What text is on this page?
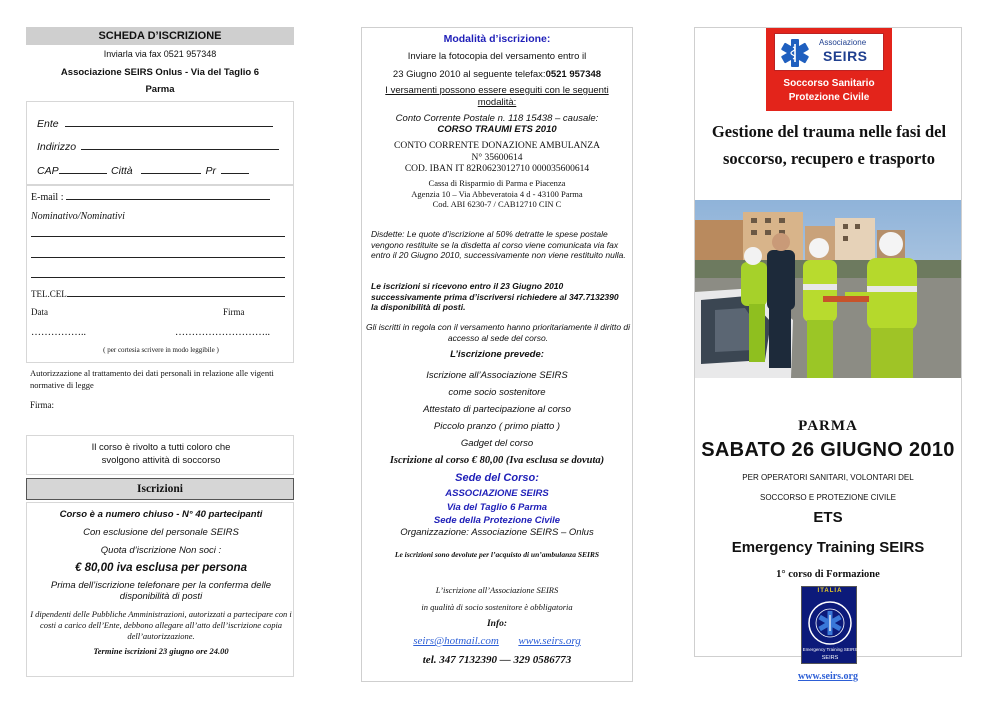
SCHEDA D’ISCRIZIONE
Inviarla via fax 0521 957348
Associazione SEIRS Onlus - Via del Taglio 6
Parma
Ente
Indirizzo
CAP	Città	Pr
E-mail :
Nominativo/Nominativi
TEL.CEL
Data	Firma
……………..	………………………..
( per cortesia scrivere in modo leggibile )
Autorizzazione al trattamento dei dati personali in relazione alle vigenti normative di legge
Firma:
Il corso è rivolto a tutti coloro che svolgono attività di soccorso
Iscrizioni
Corso è a numero chiuso - N° 40 partecipanti
Con esclusione del personale SEIRS
Quota d’iscrizione Non soci :
€ 80,00 iva esclusa per persona
Prima dell’iscrizione telefonare per la conferma delle disponibilità di posti
I dipendenti delle Pubbliche Amministrazioni, autorizzati a partecipare con i costi a carico dell’Ente, debbono allegare all’atto dell’iscrizione copia dell’autorizzazione.
Termine iscrizioni 23 giugno ore 24.00
Modalità d’iscrizione:
Inviare la fotocopia del versamento entro il
23 Giugno 2010 al seguente telefax:0521 957348
I versamenti possono essere eseguiti con le seguenti modalità:
Conto Corrente Postale n. 118 15438 – causale:
CORSO TRAUMI ETS 2010
CONTO CORRENTE DONAZIONE AMBULANZA
N° 35600614
COD. IBAN IT 82R0623012710 000035600614
Cassa di Risparmio di Parma e Piacenza
Agenzia 10 – Via Abbeveratoia 4 d - 43100 Parma
Cod. ABI 6230-7 / CAB12710 CIN C
Disdette: Le quote d’iscrizione al 50% detratte le spese postale vengono restituite se la disdetta al corso viene comunicata via fax entro il 20 Giugno 2010, successivamente non viene restituito nulla.
Le iscrizioni si ricevono entro il 23 Giugno 2010 successivamente prima d’iscriversi richiedere al 347.7132390 la disponibilità di posti.
Gli iscritti in regola con il versamento hanno prioritariamente il diritto di accesso al sede del corso.
L’iscrizione prevede:
Iscrizione all’Associazione SEIRS
come socio sostenitore
Attestato di partecipazione al corso
Piccolo pranzo ( primo piatto )
Gadget del corso
Iscrizione al corso € 80,00 (Iva esclusa se dovuta)
Sede del Corso:
ASSOCIAZIONE SEIRS
Via del Taglio 6 Parma
Sede della Protezione Civile
Organizzazione: Associazione SEIRS – Onlus
Le iscrizioni sono devolute per l’acquisto di un’ambulanza SEIRS
L’iscrizione all’Associazione SEIRS
in qualità di socio sostenitore è obbligatoria
Info:
seirs@hotmail.com www.seirs.org
tel. 347 7132390 — 329 0586773
Associazione
SEIRS
Soccorso Sanitario
Protezione Civile
Gestione del trauma nelle fasi del soccorso, recupero e trasporto
PARMA
SABATO 26 GIUGNO 2010
PER OPERATORI SANITARI, VOLONTARI DEL SOCCORSO E PROTEZIONE CIVILE
ETS
Emergency Training SEIRS
1° corso di Formazione
ITALIA
Emergency Training SEIRS
SEIRS
www.seirs.org
